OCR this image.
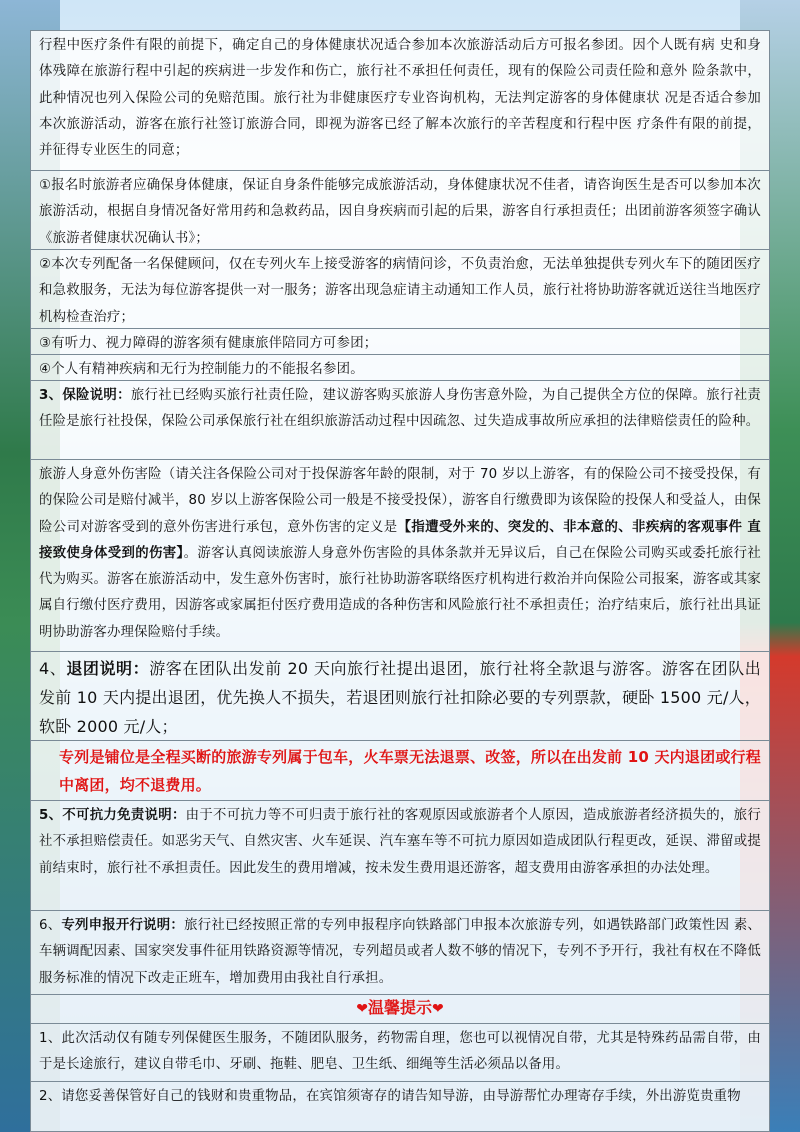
行程中医疗条件有限的前提下，确定自己的身体健康状况适合参加本次旅游活动后方可报名参团。因个人既有病 史和身体残障在旅游行程中引起的疾病进一步发作和伤亡，旅行社不承担任何责任，现有的保险公司责任险和意外 险条款中，此种情况也列入保险公司的免赔范围。旅行社为非健康医疗专业咨询机构，无法判定游客的身体健康状 况是否适合参加本次旅游活动，游客在旅行社签订旅游合同，即视为游客已经了解本次旅行的辛苦程度和行程中医 疗条件有限的前提，并征得专业医生的同意；
①报名时旅游者应确保身体健康，保证自身条件能够完成旅游活动，身体健康状况不佳者，请咨询医生是否可以参加本次旅游活动，根据自身情况备好常用药和急救药品，因自身疾病而引起的后果，游客自行承担责任；出团前游客须签字确认《旅游者健康状况确认书》；
②本次专列配备一名保健顾问，仅在专列火车上接受游客的病情问诊，不负责治愈，无法单独提供专列火车下的随团医疗和急救服务，无法为每位游客提供一对一服务；游客出现急症请主动通知工作人员，旅行社将协助游客就近送往当地医疗机构检查治疗；
③有听力、视力障碍的游客须有健康旅伴陪同方可参团；
④个人有精神疾病和无行为控制能力的不能报名参团。
3、保险说明：旅行社已经购买旅行社责任险，建议游客购买旅游人身伤害意外险，为自己提供全方位的保障。旅行社责任险是旅行社投保，保险公司承保旅行社在组织旅游活动过程中因疏忽、过失造成事故所应承担的法律赔偿责任的险种。
旅游人身意外伤害险（请关注各保险公司对于投保游客年龄的限制，对于 70 岁以上游客，有的保险公司不接受投保，有的保险公司是赔付减半，80 岁以上游客保险公司一般是不接受投保），游客自行缴费即为该保险的投保人和受益人，由保险公司对游客受到的意外伤害进行承包，意外伤害的定义是【指遭受外来的、突发的、非本意的、非疾病的客观事件 直接致使身体受到的伤害】。游客认真阅读旅游人身意外伤害险的具体条款并无异议后，自己在保险公司购买或委托旅行社代为购买。游客在旅游活动中，发生意外伤害时，旅行社协助游客联络医疗机构进行救治并向保险公司报案，游客或其家属自行缴付医疗费用，因游客或家属拒付医疗费用造成的各种伤害和风险旅行社不承担责任；治疗结束后，旅行社出具证明协助游客办理保险赔付手续。
4、退团说明：游客在团队出发前 20 天向旅行社提出退团，旅行社将全款退与游客。游客在团队出发前 10 天内提出退团，优先换人不损失，若退团则旅行社扣除必要的专列票款，硬卧 1500 元/人，软卧 2000 元/人；
专列是铺位是全程买断的旅游专列属于包车，火车票无法退票、改签，所以在出发前 10 天内退团或行程中离团，均不退费用。
5、不可抗力免责说明：由于不可抗力等不可归责于旅行社的客观原因或旅游者个人原因，造成旅游者经济损失的，旅行社不承担赔偿责任。如恶劣天气、自然灾害、火车延误、汽车塞车等不可抗力原因如造成团队行程更改，延误、滞留或提前结束时，旅行社不承担责任。因此发生的费用增减，按未发生费用退还游客，超支费用由游客承担的办法处理。
6、专列申报开行说明：旅行社已经按照正常的专列申报程序向铁路部门申报本次旅游专列，如遇铁路部门政策性因 素、车辆调配因素、国家突发事件征用铁路资源等情况，专列超员或者人数不够的情况下，专列不予开行，我社有权在不降低服务标准的情况下改走正班车，增加费用由我社自行承担。
❤温馨提示❤
1、此次活动仅有随专列保健医生服务，不随团队服务，药物需自理，您也可以视情况自带，尤其是特殊药品需自带，由于是长途旅行，建议自带毛巾、牙刷、拖鞋、肥皂、卫生纸、细绳等生活必须品以备用。
2、请您妥善保管好自己的钱财和贵重物品，在宾馆须寄存的请告知导游，由导游帮忙办理寄存手续，外出游览贵重物
